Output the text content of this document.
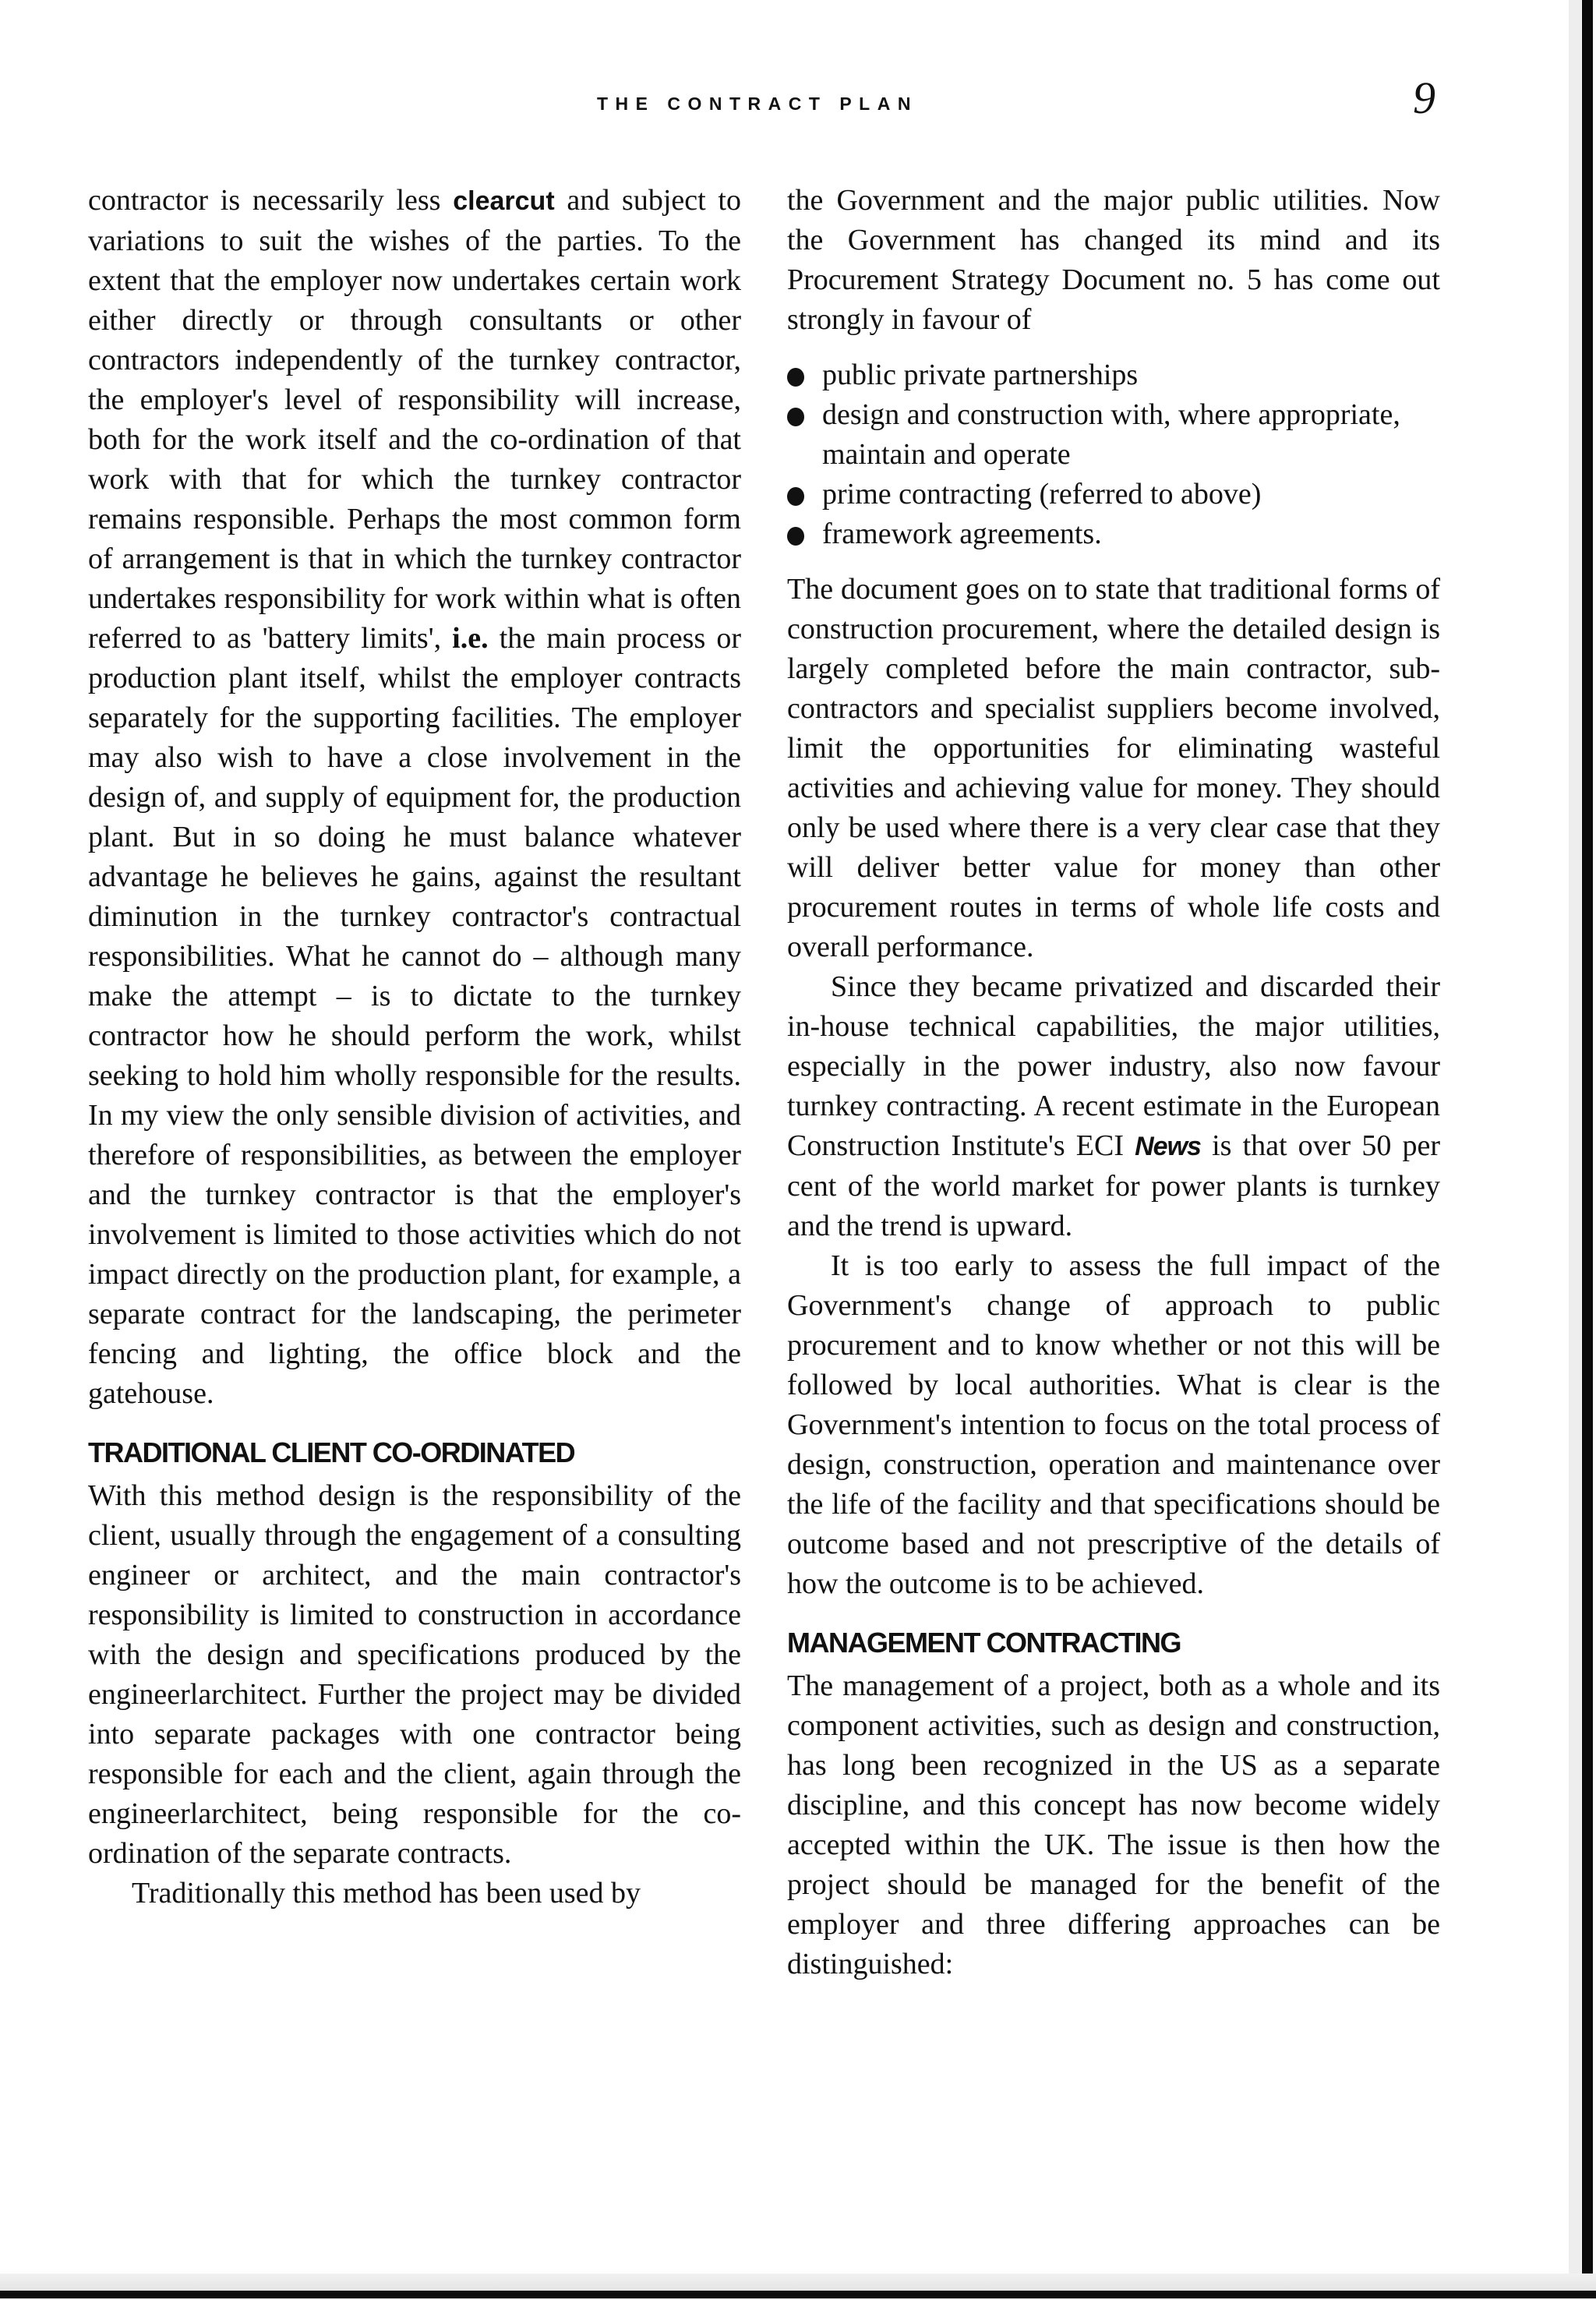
THE CONTRACT PLAN	9

contractor is necessarily less clearcut and subject to variations to suit the wishes of the parties. To the extent that the employer now undertakes certain work either directly or through consultants or other contractors independently of the turnkey contractor, the employer's level of responsibility will increase, both for the work itself and the co-ordination of that work with that for which the turnkey contractor remains responsible. Perhaps the most common form of arrangement is that in which the turnkey contractor undertakes responsibility for work within what is often referred to as 'battery limits', i.e. the main process or production plant itself, whilst the employer contracts separately for the supporting facilities. The employer may also wish to have a close involvement in the design of, and supply of equipment for, the production plant. But in so doing he must balance whatever advantage he believes he gains, against the resultant diminution in the turnkey contractor's contractual responsibilities. What he cannot do – although many make the attempt – is to dictate to the turnkey contractor how he should perform the work, whilst seeking to hold him wholly responsible for the results. In my view the only sensible division of activities, and therefore of responsibilities, as between the employer and the turnkey contractor is that the employer's involvement is limited to those activities which do not impact directly on the production plant, for example, a separate contract for the landscaping, the perimeter fencing and lighting, the office block and the gatehouse.

TRADITIONAL CLIENT CO-ORDINATED

With this method design is the responsibility of the client, usually through the engagement of a consulting engineer or architect, and the main contractor's responsibility is limited to construction in accordance with the design and specifications produced by the engineerlarchitect. Further the project may be divided into separate packages with one contractor being responsible for each and the client, again through the engineerlarchitect, being responsible for the co-ordination of the separate contracts.

Traditionally this method has been used by

the Government and the major public utilities. Now the Government has changed its mind and its Procurement Strategy Document no. 5 has come out strongly in favour of

public private partnerships
design and construction with, where appropriate, maintain and operate
prime contracting (referred to above)
framework agreements.

The document goes on to state that traditional forms of construction procurement, where the detailed design is largely completed before the main contractor, sub-contractors and specialist suppliers become involved, limit the opportunities for eliminating wasteful activities and achieving value for money. They should only be used where there is a very clear case that they will deliver better value for money than other procurement routes in terms of whole life costs and overall performance.

Since they became privatized and discarded their in-house technical capabilities, the major utilities, especially in the power industry, also now favour turnkey contracting. A recent estimate in the European Construction Institute's ECI News is that over 50 per cent of the world market for power plants is turnkey and the trend is upward.

It is too early to assess the full impact of the Government's change of approach to public procurement and to know whether or not this will be followed by local authorities. What is clear is the Government's intention to focus on the total process of design, construction, operation and maintenance over the life of the facility and that specifications should be outcome based and not prescriptive of the details of how the outcome is to be achieved.

MANAGEMENT CONTRACTING

The management of a project, both as a whole and its component activities, such as design and construction, has long been recognized in the US as a separate discipline, and this concept has now become widely accepted within the UK. The issue is then how the project should be managed for the benefit of the employer and three differing approaches can be distinguished:
